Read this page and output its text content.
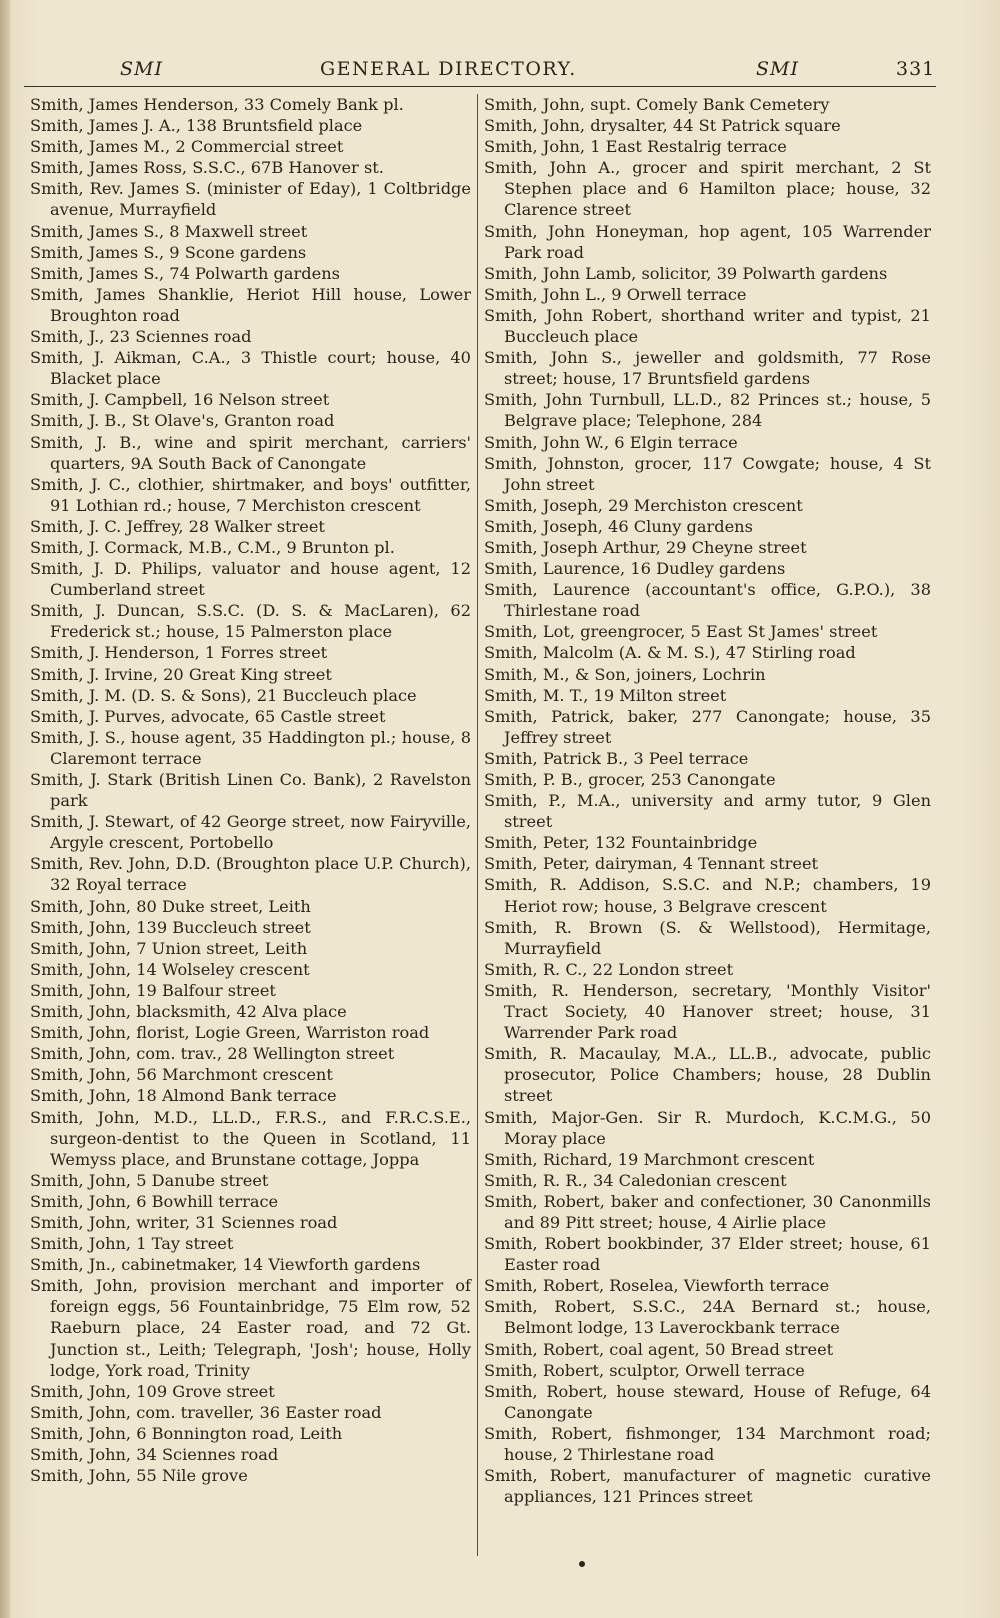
SMI	GENERAL DIRECTORY.	SMI	331

Smith, James Henderson, 33 Comely Bank pl.

Smith, James J. A., 138 Bruntsfield place

Smith, James M., 2 Commercial street

Smith, James Ross, S.S.C., 67B Hanover st.

Smith, Rev. James S. (minister of Eday), 1 Coltbridge avenue, Murrayfield

Smith, James S., 8 Maxwell street

Smith, James S., 9 Scone gardens

Smith, James S., 74 Polwarth gardens

Smith, James Shanklie, Heriot Hill house, Lower Broughton road

Smith, J., 23 Sciennes road

Smith, J. Aikman, C.A., 3 Thistle court; house, 40 Blacket place

Smith, J. Campbell, 16 Nelson street

Smith, J. B., St Olave's, Granton road

Smith, J. B., wine and spirit merchant, carriers' quarters, 9A South Back of Canongate

Smith, J. C., clothier, shirtmaker, and boys' outfitter, 91 Lothian rd.; house, 7 Merchiston crescent

Smith, J. C. Jeffrey, 28 Walker street

Smith, J. Cormack, M.B., C.M., 9 Brunton pl.

Smith, J. D. Philips, valuator and house agent, 12 Cumberland street

Smith, J. Duncan, S.S.C. (D. S. & MacLaren), 62 Frederick st.; house, 15 Palmerston place

Smith, J. Henderson, 1 Forres street

Smith, J. Irvine, 20 Great King street

Smith, J. M. (D. S. & Sons), 21 Buccleuch place

Smith, J. Purves, advocate, 65 Castle street

Smith, J. S., house agent, 35 Haddington pl.; house, 8 Claremont terrace

Smith, J. Stark (British Linen Co. Bank), 2 Ravelston park

Smith, J. Stewart, of 42 George street, now Fairyville, Argyle crescent, Portobello

Smith, Rev. John, D.D. (Broughton place U.P. Church), 32 Royal terrace

Smith, John, 80 Duke street, Leith

Smith, John, 139 Buccleuch street

Smith, John, 7 Union street, Leith

Smith, John, 14 Wolseley crescent

Smith, John, 19 Balfour street

Smith, John, blacksmith, 42 Alva place

Smith, John, florist, Logie Green, Warriston road

Smith, John, com. trav., 28 Wellington street

Smith, John, 56 Marchmont crescent

Smith, John, 18 Almond Bank terrace

Smith, John, M.D., LL.D., F.R.S., and F.R.C.S.E., surgeon-dentist to the Queen in Scotland, 11 Wemyss place, and Brunstane cottage, Joppa

Smith, John, 5 Danube street

Smith, John, 6 Bowhill terrace

Smith, John, writer, 31 Sciennes road

Smith, John, 1 Tay street

Smith, Jn., cabinetmaker, 14 Viewforth gardens

Smith, John, provision merchant and importer of foreign eggs, 56 Fountainbridge, 75 Elm row, 52 Raeburn place, 24 Easter road, and 72 Gt. Junction st., Leith; Telegraph, 'Josh'; house, Holly lodge, York road, Trinity

Smith, John, 109 Grove street

Smith, John, com. traveller, 36 Easter road

Smith, John, 6 Bonnington road, Leith

Smith, John, 34 Sciennes road

Smith, John, 55 Nile grove

Smith, John, supt. Comely Bank Cemetery

Smith, John, drysalter, 44 St Patrick square

Smith, John, 1 East Restalrig terrace

Smith, John A., grocer and spirit merchant, 2 St Stephen place and 6 Hamilton place; house, 32 Clarence street

Smith, John Honeyman, hop agent, 105 Warrender Park road

Smith, John Lamb, solicitor, 39 Polwarth gardens

Smith, John L., 9 Orwell terrace

Smith, John Robert, shorthand writer and typist, 21 Buccleuch place

Smith, John S., jeweller and goldsmith, 77 Rose street; house, 17 Bruntsfield gardens

Smith, John Turnbull, LL.D., 82 Princes st.; house, 5 Belgrave place; Telephone, 284

Smith, John W., 6 Elgin terrace

Smith, Johnston, grocer, 117 Cowgate; house, 4 St John street

Smith, Joseph, 29 Merchiston crescent

Smith, Joseph, 46 Cluny gardens

Smith, Joseph Arthur, 29 Cheyne street

Smith, Laurence, 16 Dudley gardens

Smith, Laurence (accountant's office, G.P.O.), 38 Thirlestane road

Smith, Lot, greengrocer, 5 East St James' street

Smith, Malcolm (A. & M. S.), 47 Stirling road

Smith, M., & Son, joiners, Lochrin

Smith, M. T., 19 Milton street

Smith, Patrick, baker, 277 Canongate; house, 35 Jeffrey street

Smith, Patrick B., 3 Peel terrace

Smith, P. B., grocer, 253 Canongate

Smith, P., M.A., university and army tutor, 9 Glen street

Smith, Peter, 132 Fountainbridge

Smith, Peter, dairyman, 4 Tennant street

Smith, R. Addison, S.S.C. and N.P.; chambers, 19 Heriot row; house, 3 Belgrave crescent

Smith, R. Brown (S. & Wellstood), Hermitage, Murrayfield

Smith, R. C., 22 London street

Smith, R. Henderson, secretary, 'Monthly Visitor' Tract Society, 40 Hanover street; house, 31 Warrender Park road

Smith, R. Macaulay, M.A., LL.B., advocate, public prosecutor, Police Chambers; house, 28 Dublin street

Smith, Major-Gen. Sir R. Murdoch, K.C.M.G., 50 Moray place

Smith, Richard, 19 Marchmont crescent

Smith, R. R., 34 Caledonian crescent

Smith, Robert, baker and confectioner, 30 Canonmills and 89 Pitt street; house, 4 Airlie place

Smith, Robert bookbinder, 37 Elder street; house, 61 Easter road

Smith, Robert, Roselea, Viewforth terrace

Smith, Robert, S.S.C., 24A Bernard st.; house, Belmont lodge, 13 Laverockbank terrace

Smith, Robert, coal agent, 50 Bread street

Smith, Robert, sculptor, Orwell terrace

Smith, Robert, house steward, House of Refuge, 64 Canongate

Smith, Robert, fishmonger, 134 Marchmont road; house, 2 Thirlestane road

Smith, Robert, manufacturer of magnetic curative appliances, 121 Princes street
